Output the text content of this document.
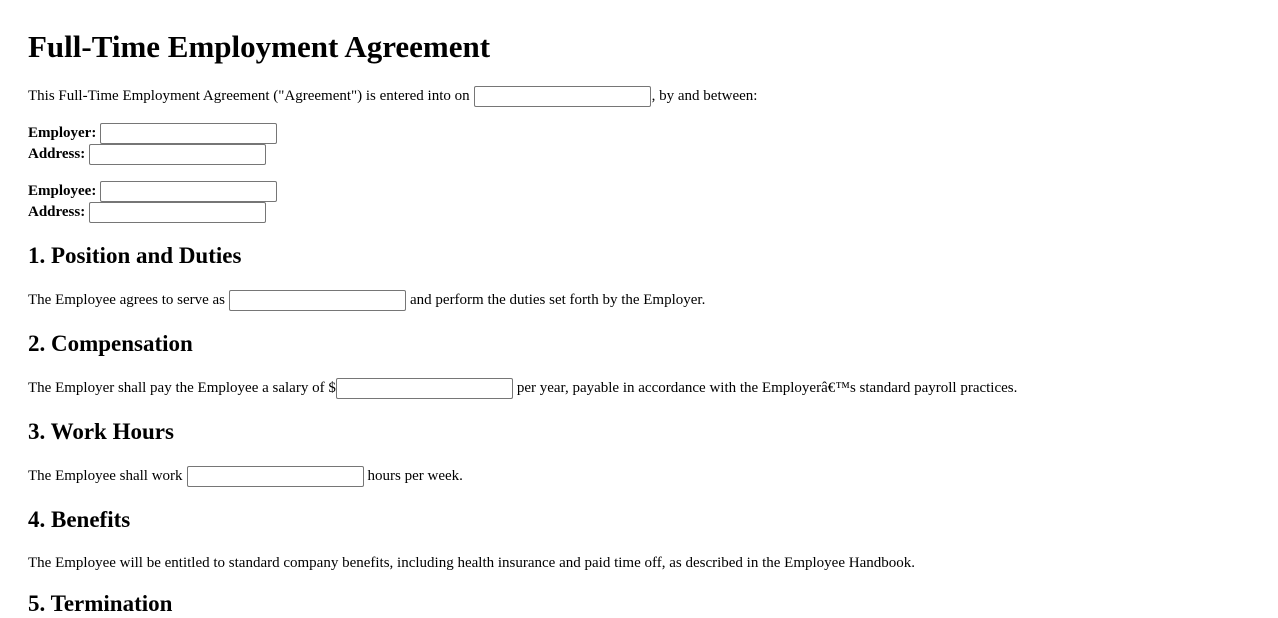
Full-Time Employment Agreement
This Full-Time Employment Agreement ("Agreement") is entered into on	, by and between:
Employer:
Address:
Employee:
Address:
1. Position and Duties
The Employee agrees to serve as	and perform the duties set forth by the Employer.
2. Compensation
The Employer shall pay the Employee a salary of $	per year, payable in accordance with the Employerâ€™s standard payroll practices.
3. Work Hours
The Employee shall work	hours per week.
4. Benefits
The Employee will be entitled to standard company benefits, including health insurance and paid time off, as described in the Employee Handbook.
5. Termination
